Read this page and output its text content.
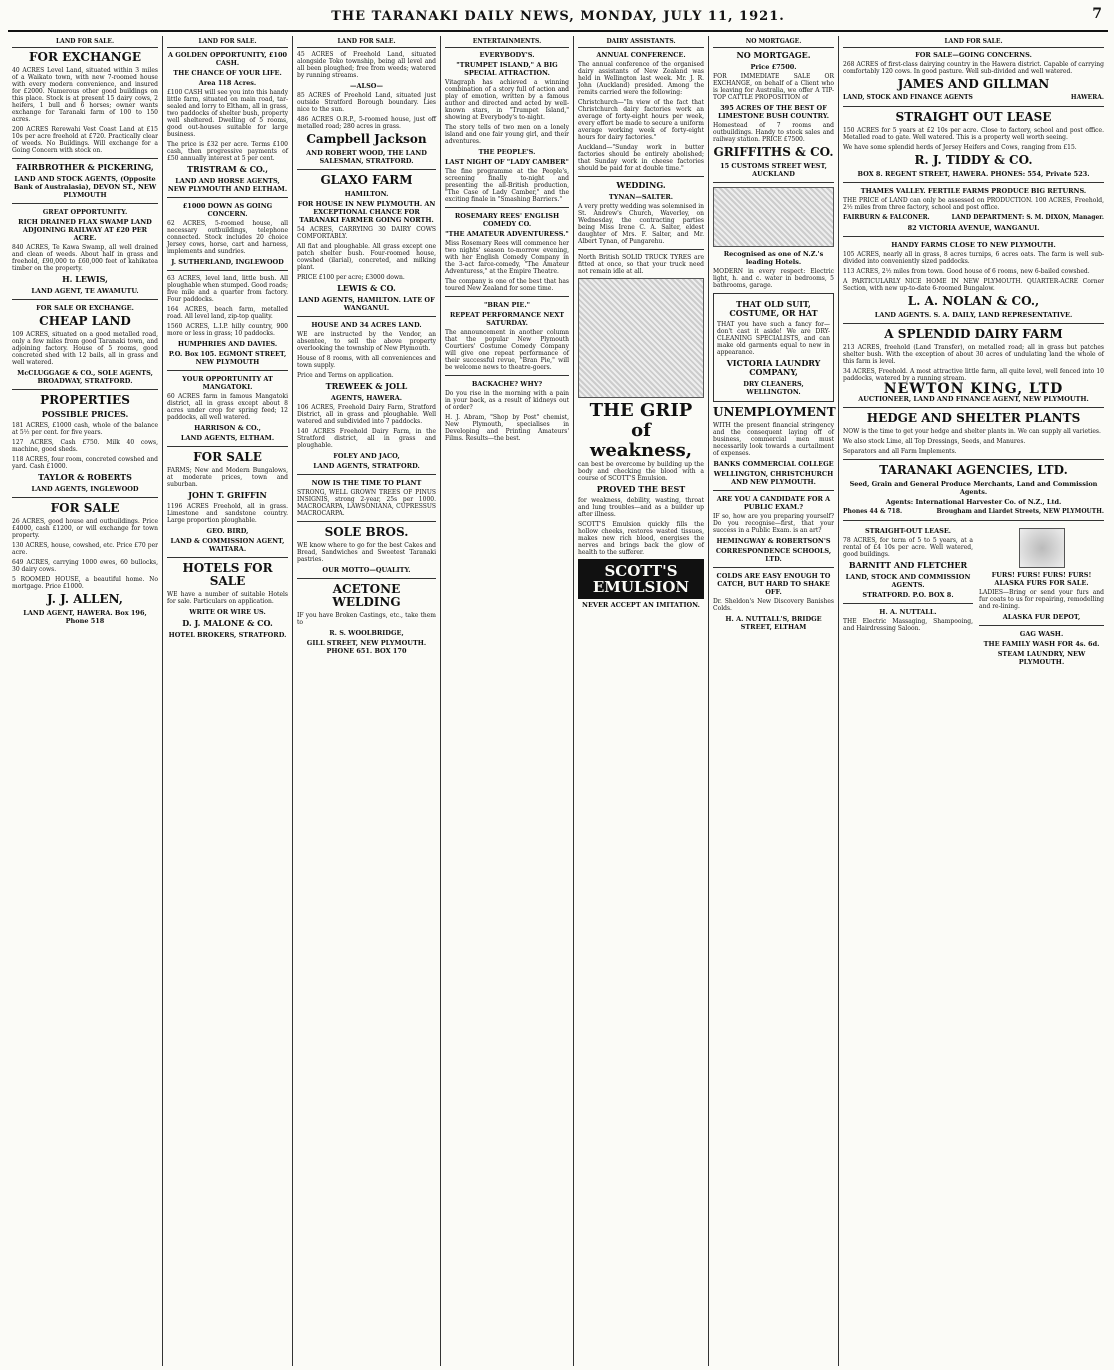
THE TARANAKI DAILY NEWS, MONDAY, JULY 11, 1921.	7
LAND FOR SALE.
FOR EXCHANGE
40 ACRES Level Land, situated within 3 miles of a Waikato town, with new 7-roomed house with every modern convenience, and insured for £2000. Numerous other good buildings on this place. Stock is at present 15 dairy cows, 2 heifers, 1 bull and 6 horses; owner wants exchange for Taranaki farm of 100 to 150 acres.
200 ACRES Rerewahi Vest Coast Land at £15 10s per acre freehold at £720. Practically clear of weeds. No Buildings. Will exchange for a Going Concern with stock on.
FAIRBROTHER & PICKERING,
LAND AND STOCK AGENTS, (Opposite Bank of Australasia), DEVON ST., NEW PLYMOUTH
GREAT OPPORTUNITY.
RICH DRAINED FLAX SWAMP LAND ADJOINING RAILWAY AT £20 PER ACRE.
840 ACRES, Te Kawa Swamp, all well drained and clean of weeds. About half in grass and freehold, £90,000 to £60,000 feet of kahikatea timber on the property.
H. LEWIS,
LAND AGENT, TE AWAMUTU.
FOR SALE OR EXCHANGE.
CHEAP LAND
109 ACRES, situated on a good metalled road, only a few miles from good Taranaki town, and adjoining factory. House of 5 rooms, good concreted shed with 12 bails, all in grass and well watered.
McCLUGGAGE & CO., SOLE AGENTS, BROADWAY, STRATFORD.
PROPERTIES
POSSIBLE PRICES.
181 ACRES, £1000 cash, whole of the balance at 5½ per cent. for five years.
127 ACRES, Cash £750. Milk 40 cows, machine, good sheds.
118 ACRES, four room, concreted cowshed and yard. Cash £1000.
TAYLOR & ROBERTS
LAND AGENTS, INGLEWOOD
FOR SALE
26 ACRES, good house and outbuildings. Price £4000, cash £1200, or will exchange for town property.
130 ACRES, house, cowshed, etc. Price £70 per acre.
649 ACRES, carrying 1000 ewes, 60 bullocks, 30 dairy cows.
5 ROOMED HOUSE, a beautiful home. No mortgage. Price £1000.
J. J. ALLEN,
LAND AGENT, HAWERA. Box 196, Phone 518
LAND FOR SALE.
A GOLDEN OPPORTUNITY, £100 CASH.
THE CHANCE OF YOUR LIFE.
Area 118 Acres.
£100 CASH will see you into this handy little farm, situated on main road, tar-sealed and lorry to Eltham, all in grass, two paddocks of shelter bush, property well sheltered. Dwelling of 5 rooms, good out-houses suitable for large business.
The price is £32 per acre. Terms £100 cash, then progressive payments of £50 annually interest at 5 per cent.
TRISTRAM & CO.,
LAND AND HORSE AGENTS, NEW PLYMOUTH AND ELTHAM.
£1000 DOWN AS GOING CONCERN.
62 ACRES, 5-roomed house, all necessary outbuildings, telephone connected. Stock includes 20 choice Jersey cows, horse, cart and harness, implements and sundries.
J. SUTHERLAND, INGLEWOOD
63 ACRES, level land, little bush. All ploughable when stumped. Good roads; five mile and a quarter from factory. Four paddocks.
164 ACRES, beach farm, metalled road. All level land, zip-top quality.
1560 ACRES, L.I.P. hilly country, 900 more or less in grass; 10 paddocks.
HUMPHRIES AND DAVIES.
P.O. Box 105. EGMONT STREET, NEW PLYMOUTH
YOUR OPPORTUNITY AT MANGATOKI.
60 ACRES farm in famous Mangatoki district, all in grass except about 8 acres under crop for spring feed; 12 paddocks, all well watered.
HARRISON & CO.,
LAND AGENTS, ELTHAM.
FOR SALE
FARMS; New and Modern Bungalows, at moderate prices, town and suburban.
JOHN T. GRIFFIN
1196 ACRES Freehold, all in grass. Limestone and sandstone country. Large proportion ploughable.
GEO. BIRD,
LAND & COMMISSION AGENT, WAITARA.
HOTELS FOR SALE
WE have a number of suitable Hotels for sale. Particulars on application.
WRITE OR WIRE US.
D. J. MALONE & CO.
HOTEL BROKERS, STRATFORD.
LAND FOR SALE.
45 ACRES of Freehold Land, situated alongside Toko township, being all level and all been ploughed; free from weeds; watered by running streams.
—ALSO—
85 ACRES of Freehold Land, situated just outside Stratford Borough boundary. Lies nice to the sun.
486 ACRES O.R.P., 5-roomed house, just off metalled road; 280 acres in grass.
Campbell Jackson
AND ROBERT WOOD, THE LAND SALESMAN, STRATFORD.
GLAXO FARM
HAMILTON.
FOR HOUSE IN NEW PLYMOUTH. AN EXCEPTIONAL CHANCE FOR TARANAKI FARMER GOING NORTH.
54 ACRES, CARRYING 30 DAIRY COWS COMFORTABLY.
All flat and ploughable. All grass except one patch shelter bush. Four-roomed house, cowshed (ilarial), concreted, and milking plant.
PRICE £100 per acre; £3000 down.
LEWIS & CO.
LAND AGENTS, HAMILTON. LATE OF WANGANUI.
HOUSE AND 34 ACRES LAND.
WE are instructed by the Vendor, an absentee, to sell the above property overlooking the township of New Plymouth.
House of 8 rooms, with all conveniences and town supply.
Price and Terms on application.
TREWEEK & JOLL
AGENTS, HAWERA.
106 ACRES, Freehold Dairy Farm, Stratford District, all in grass and ploughable. Well watered and subdivided into 7 paddocks.
140 ACRES Freehold Dairy Farm, in the Stratford district, all in grass and ploughable.
FOLEY AND JACO,
LAND AGENTS, STRATFORD.
NOW IS THE TIME TO PLANT
STRONG, WELL GROWN TREES OF PINUS INSIGNIS, strong 2-year, 25s per 1000. MACROCARPA, LAWSONIANA, CUPRESSUS MACROCARPA.
SOLE BROS.
WE know where to go for the best Cakes and Bread, Sandwiches and Sweetest Taranaki pastries.
OUR MOTTO—QUALITY.
ACETONE WELDING
IF you have Broken Castings, etc., take them to
R. S. WOOLBRIDGE,
GILL STREET, NEW PLYMOUTH. PHONE 651. BOX 170
ENTERTAINMENTS.
EVERYBODY'S.
"TRUMPET ISLAND," A BIG SPECIAL ATTRACTION.
Vitagraph has achieved a winning combination of a story full of action and play of emotion, written by a famous author and directed and acted by well-known stars, in "Trumpet Island," showing at Everybody's to-night.
The story tells of two men on a lonely island and one fair young girl, and their adventures.
THE PEOPLE'S.
LAST NIGHT OF "LADY CAMBER"
The fine programme at the People's, screening finally to-night and presenting the all-British production, "The Case of Lady Camber," and the exciting finale in "Smashing Barriers."
ROSEMARY REES' ENGLISH COMEDY CO.
"THE AMATEUR ADVENTURESS."
Miss Rosemary Rees will commence her two nights' season to-morrow evening, with her English Comedy Company in the 3-act farce-comedy, "The Amateur Adventuress," at the Empire Theatre.
The company is one of the best that has toured New Zealand for some time.
"BRAN PIE."
REPEAT PERFORMANCE NEXT SATURDAY.
The announcement in another column that the popular New Plymouth Courtiers' Costume Comedy Company will give one repeat performance of their successful revue, "Bran Pie," will be welcome news to theatre-goers.
BACKACHE? WHY?
Do you rise in the morning with a pain in your back, as a result of kidneys out of order?
H. J. Abram, "Shop by Post" chemist, New Plymouth, specialises in Developing and Printing Amateurs' Films. Results—the best.
DAIRY ASSISTANTS.
ANNUAL CONFERENCE.
The annual conference of the organised dairy assistants of New Zealand was held in Wellington last week. Mr. J. R. John (Auckland) presided. Among the remits carried were the following:
Christchurch—"In view of the fact that Christchurch dairy factories work an average of forty-eight hours per week, every effort be made to secure a uniform average working week of forty-eight hours for dairy factories."
Auckland—"Sunday work in butter factories should be entirely abolished; that Sunday work in cheese factories should be paid for at double time."
WEDDING.
TYNAN—SALTER.
A very pretty wedding was solemnised in St. Andrew's Church, Waverley, on Wednesday, the contracting parties being Miss Irene C. A. Salter, eldest daughter of Mrs. F. Salter, and Mr. Albert Tynan, of Pungarehu.
North British SOLID TRUCK TYRES are fitted at once, so that your truck need not remain idle at all.
THE GRIP of weakness,
can best be overcome by building up the body and checking the blood with a course of SCOTT'S Emulsion.
PROVED THE BEST
for weakness, debility, wasting, throat and lung troubles—and as a builder up after illness.
SCOTT'S Emulsion quickly fills the hollow cheeks, restores wasted tissues, makes new rich blood, energises the nerves and brings back the glow of health to the sufferer.
SCOTT'S EMULSION
NEVER ACCEPT AN IMITATION.
NO MORTGAGE.
NO MORTGAGE.
Price £7500.
FOR IMMEDIATE SALE OR EXCHANGE, on behalf of a Client who is leaving for Australia, we offer A TIP-TOP CATTLE PROPOSITION of
395 ACRES OF THE BEST OF LIMESTONE BUSH COUNTRY.
Homestead of 7 rooms and outbuildings. Handy to stock sales and railway station. PRICE £7500.
GRIFFITHS & CO.
15 CUSTOMS STREET WEST, AUCKLAND
Recognised as one of N.Z.'s leading Hotels.
MODERN in every respect: Electric light, h. and c. water in bedrooms, 5 bathrooms, garage.
THAT OLD SUIT, COSTUME, OR HAT
THAT you have such a fancy for—don't cast it aside! We are DRY-CLEANING SPECIALISTS, and can make old garments equal to new in appearance.
VICTORIA LAUNDRY COMPANY,
DRY CLEANERS, WELLINGTON.
UNEMPLOYMENT
WITH the present financial stringency and the consequent laying off of business, commercial men must necessarily look towards a curtailment of expenses.
BANKS COMMERCIAL COLLEGE
WELLINGTON, CHRISTCHURCH AND NEW PLYMOUTH.
ARE YOU A CANDIDATE FOR A PUBLIC EXAM.?
IF so, how are you preparing yourself? Do you recognise—first, that your success in a Public Exam. is an art?
HEMINGWAY & ROBERTSON'S
CORRESPONDENCE SCHOOLS, LTD.
COLDS ARE EASY ENOUGH TO CATCH, BUT HARD TO SHAKE OFF.
Dr. Sheldon's New Discovery Banishes Colds.
H. A. NUTTALL'S, BRIDGE STREET, ELTHAM
LAND FOR SALE.
FOR SALE—GOING CONCERNS.
268 ACRES of first-class dairying country in the Hawera district. Capable of carrying comfortably 120 cows. In good pasture. Well sub-divided and well watered.
JAMES AND GILLMAN
LAND, STOCK AND FINANCE AGENTS	HAWERA.
STRAIGHT OUT LEASE
150 ACRES for 5 years at £2 10s per acre. Close to factory, school and post office. Metalled road to gate. Well watered. This is a property well worth seeing.
We have some splendid herds of Jersey Heifers and Cows, ranging from £15.
R. J. TIDDY & CO.
BOX 8. REGENT STREET, HAWERA. PHONES: 554, Private 523.
THAMES VALLEY. FERTILE FARMS PRODUCE BIG RETURNS.
THE PRICE of LAND can only be assessed on PRODUCTION. 100 ACRES, Freehold, 2½ miles from three factory, school and post office.
FAIRBURN & FALCONER.	LAND DEPARTMENT: S. M. DIXON, Manager.
82 VICTORIA AVENUE, WANGANUI.
HANDY FARMS CLOSE TO NEW PLYMOUTH.
105 ACRES, nearly all in grass, 8 acres turnips, 6 acres oats. The farm is well sub-divided into conveniently sized paddocks.
113 ACRES, 2½ miles from town. Good house of 6 rooms, new 6-bailed cowshed.
A PARTICULARLY NICE HOME IN NEW PLYMOUTH. QUARTER-ACRE Corner Section, with new up-to-date 6-roomed Bungalow.
L. A. NOLAN & CO.,
LAND AGENTS. S. A. DAILY, LAND REPRESENTATIVE.
A SPLENDID DAIRY FARM
213 ACRES, freehold (Land Transfer), on metalled road; all in grass but patches shelter bush. With the exception of about 30 acres of undulating land the whole of this farm is level.
34 ACRES, Freehold. A most attractive little farm, all quite level, well fenced into 10 paddocks, watered by a running stream.
NEWTON KING, LTD
AUCTIONEER, LAND AND FINANCE AGENT, NEW PLYMOUTH.
HEDGE AND SHELTER PLANTS
NOW is the time to get your hedge and shelter plants in. We can supply all varieties.
We also stock Lime, all Top Dressings, Seeds, and Manures.
Separators and all Farm Implements.
TARANAKI AGENCIES, LTD.
Seed, Grain and General Produce Merchants, Land and Commission Agents.
Agents: International Harvester Co. of N.Z., Ltd.
Phones 44 & 718.	Brougham and Liardet Streets, NEW PLYMOUTH.
STRAIGHT-OUT LEASE.
78 ACRES, for term of 5 to 5 years, at a rental of £4 10s per acre. Well watered, good buildings.
BARNITT AND FLETCHER
LAND, STOCK AND COMMISSION AGENTS.
STRATFORD. P.O. BOX 8.
H. A. NUTTALL.
THE Electric Massaging, Shampooing, and Hairdressing Saloon.
FURS! FURS! FURS! FURS! ALASKA FURS FOR SALE.
LADIES—Bring or send your furs and fur coats to us for repairing, remodelling and re-lining.
ALASKA FUR DEPOT,
GAG WASH.
THE FAMILY WASH FOR 4s. 6d.
STEAM LAUNDRY, NEW PLYMOUTH.
